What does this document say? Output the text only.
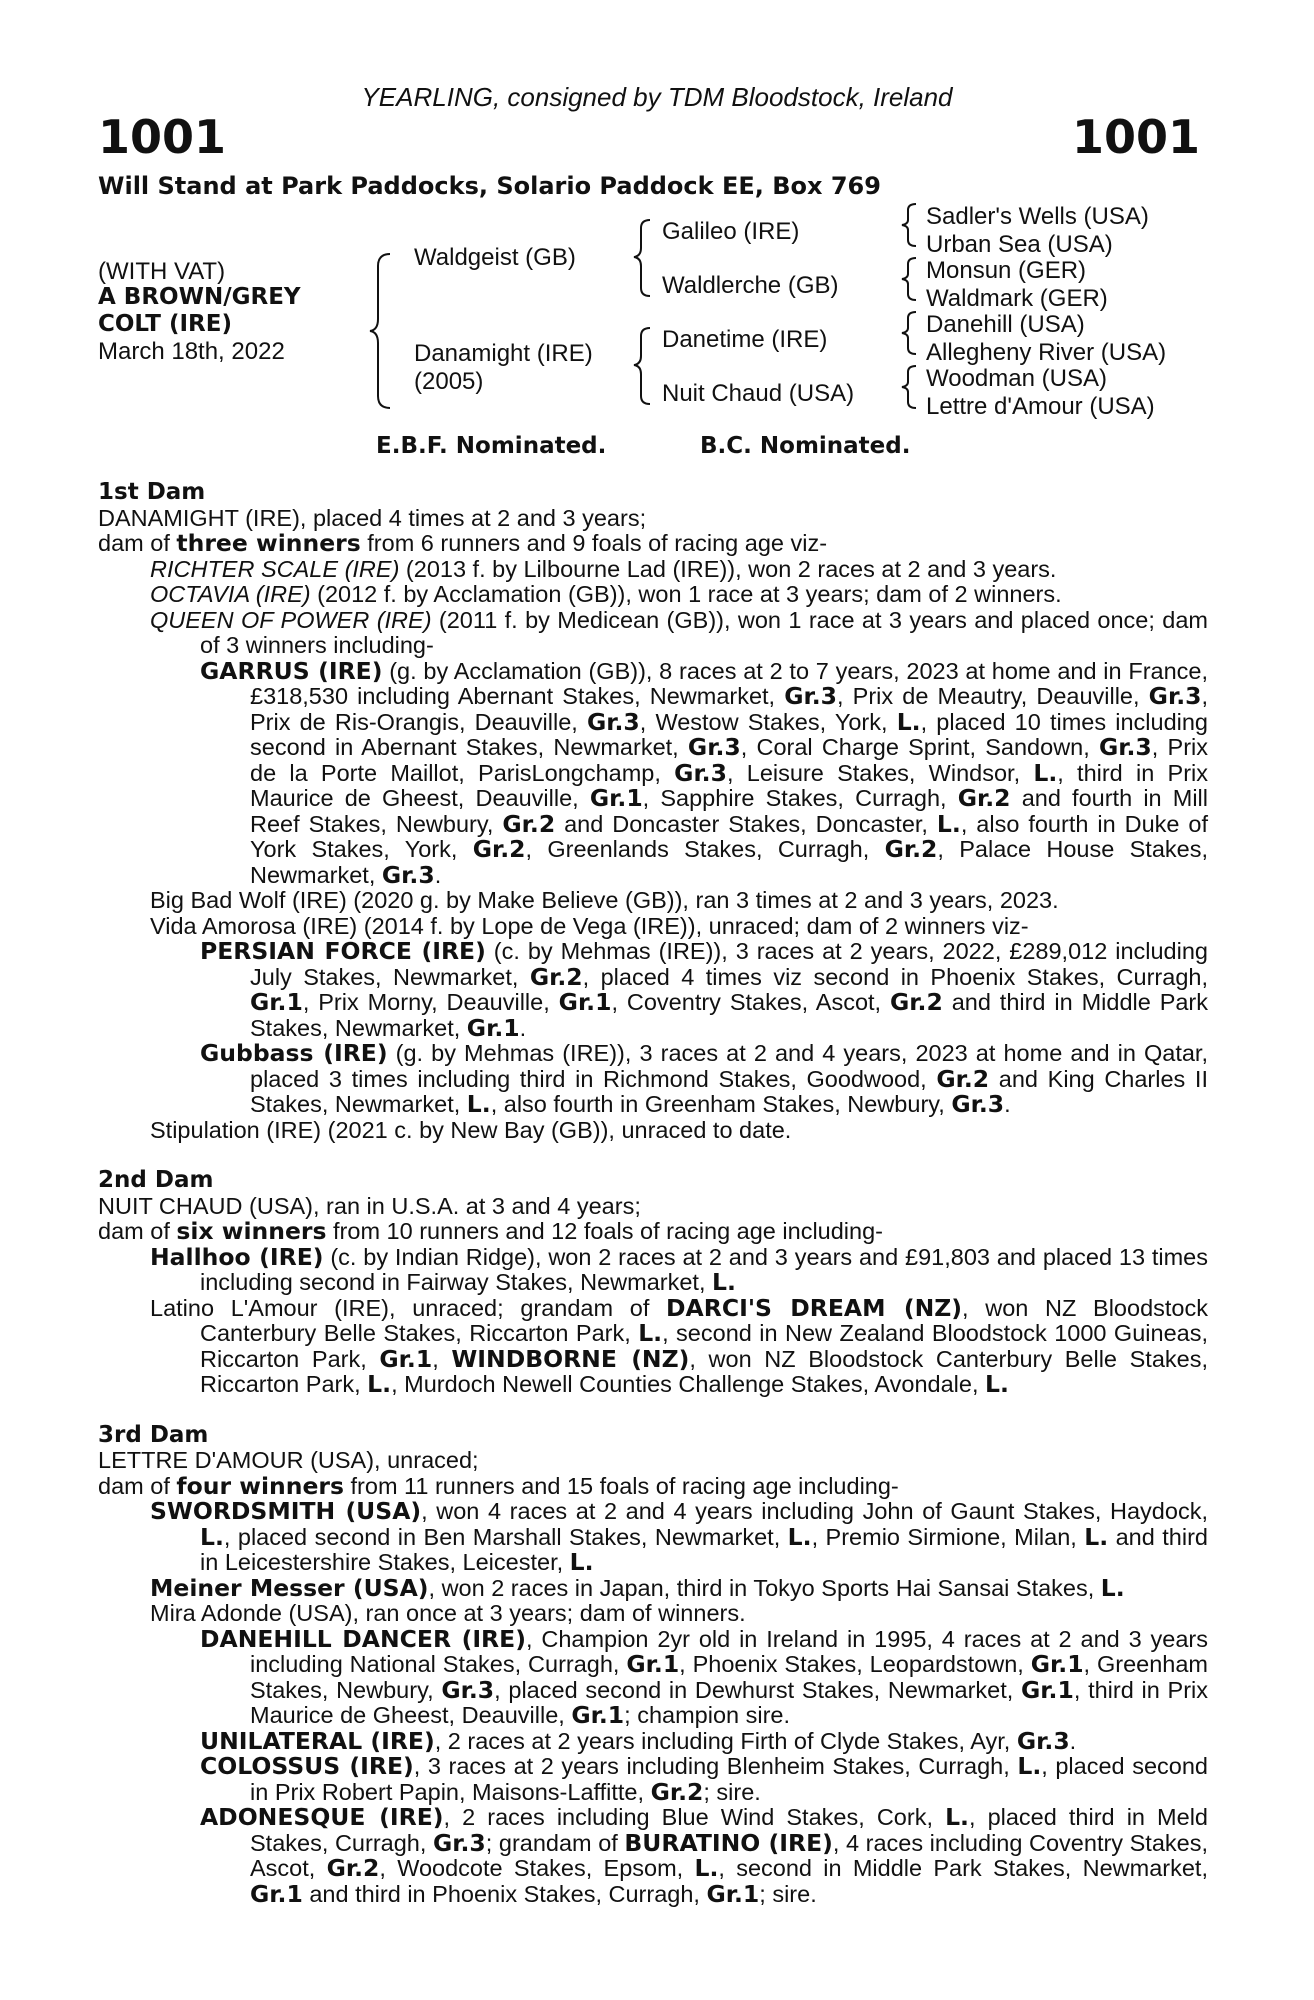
YEARLING, consigned by TDM Bloodstock, Ireland
1001	1001
Will Stand at Park Paddocks, Solario Paddock EE, Box 769
(WITH VAT)
A BROWN/GREY
COLT (IRE)
March 18th, 2022
Waldgeist (GB)
Danamight (IRE)
(2005)
Galileo (IRE)
Waldlerche (GB)
Danetime (IRE)
Nuit Chaud (USA)
Sadler's Wells (USA)
Urban Sea (USA)
Monsun (GER)
Waldmark (GER)
Danehill (USA)
Allegheny River (USA)
Woodman (USA)
Lettre d'Amour (USA)
E.B.F. Nominated.	B.C. Nominated.
1st Dam
DANAMIGHT (IRE), placed 4 times at 2 and 3 years;
dam of three winners from 6 runners and 9 foals of racing age viz-
RICHTER SCALE (IRE) (2013 f. by Lilbourne Lad (IRE)), won 2 races at 2 and 3 years.
OCTAVIA (IRE) (2012 f. by Acclamation (GB)), won 1 race at 3 years; dam of 2 winners.
QUEEN OF POWER (IRE) (2011 f. by Medicean (GB)), won 1 race at 3 years and placed once; dam of 3 winners including-
GARRUS (IRE) (g. by Acclamation (GB)), 8 races at 2 to 7 years, 2023 at home and in France, £318,530 including Abernant Stakes, Newmarket, Gr.3, Prix de Meautry, Deauville, Gr.3, Prix de Ris-Orangis, Deauville, Gr.3, Westow Stakes, York, L., placed 10 times including second in Abernant Stakes, Newmarket, Gr.3, Coral Charge Sprint, Sandown, Gr.3, Prix de la Porte Maillot, ParisLongchamp, Gr.3, Leisure Stakes, Windsor, L., third in Prix Maurice de Gheest, Deauville, Gr.1, Sapphire Stakes, Curragh, Gr.2 and fourth in Mill Reef Stakes, Newbury, Gr.2 and Doncaster Stakes, Doncaster, L., also fourth in Duke of York Stakes, York, Gr.2, Greenlands Stakes, Curragh, Gr.2, Palace House Stakes, Newmarket, Gr.3.
Big Bad Wolf (IRE) (2020 g. by Make Believe (GB)), ran 3 times at 2 and 3 years, 2023.
Vida Amorosa (IRE) (2014 f. by Lope de Vega (IRE)), unraced; dam of 2 winners viz-
PERSIAN FORCE (IRE) (c. by Mehmas (IRE)), 3 races at 2 years, 2022, £289,012 including July Stakes, Newmarket, Gr.2, placed 4 times viz second in Phoenix Stakes, Curragh, Gr.1, Prix Morny, Deauville, Gr.1, Coventry Stakes, Ascot, Gr.2 and third in Middle Park Stakes, Newmarket, Gr.1.
Gubbass (IRE) (g. by Mehmas (IRE)), 3 races at 2 and 4 years, 2023 at home and in Qatar, placed 3 times including third in Richmond Stakes, Goodwood, Gr.2 and King Charles II Stakes, Newmarket, L., also fourth in Greenham Stakes, Newbury, Gr.3.
Stipulation (IRE) (2021 c. by New Bay (GB)), unraced to date.
2nd Dam
NUIT CHAUD (USA), ran in U.S.A. at 3 and 4 years;
dam of six winners from 10 runners and 12 foals of racing age including-
Hallhoo (IRE) (c. by Indian Ridge), won 2 races at 2 and 3 years and £91,803 and placed 13 times including second in Fairway Stakes, Newmarket, L.
Latino L'Amour (IRE), unraced; grandam of DARCI'S DREAM (NZ), won NZ Bloodstock Canterbury Belle Stakes, Riccarton Park, L., second in New Zealand Bloodstock 1000 Guineas, Riccarton Park, Gr.1, WINDBORNE (NZ), won NZ Bloodstock Canterbury Belle Stakes, Riccarton Park, L., Murdoch Newell Counties Challenge Stakes, Avondale, L.
3rd Dam
LETTRE D'AMOUR (USA), unraced;
dam of four winners from 11 runners and 15 foals of racing age including-
SWORDSMITH (USA), won 4 races at 2 and 4 years including John of Gaunt Stakes, Haydock, L., placed second in Ben Marshall Stakes, Newmarket, L., Premio Sirmione, Milan, L. and third in Leicestershire Stakes, Leicester, L.
Meiner Messer (USA), won 2 races in Japan, third in Tokyo Sports Hai Sansai Stakes, L.
Mira Adonde (USA), ran once at 3 years; dam of winners.
DANEHILL DANCER (IRE), Champion 2yr old in Ireland in 1995, 4 races at 2 and 3 years including National Stakes, Curragh, Gr.1, Phoenix Stakes, Leopardstown, Gr.1, Greenham Stakes, Newbury, Gr.3, placed second in Dewhurst Stakes, Newmarket, Gr.1, third in Prix Maurice de Gheest, Deauville, Gr.1; champion sire.
UNILATERAL (IRE), 2 races at 2 years including Firth of Clyde Stakes, Ayr, Gr.3.
COLOSSUS (IRE), 3 races at 2 years including Blenheim Stakes, Curragh, L., placed second in Prix Robert Papin, Maisons-Laffitte, Gr.2; sire.
ADONESQUE (IRE), 2 races including Blue Wind Stakes, Cork, L., placed third in Meld Stakes, Curragh, Gr.3; grandam of BURATINO (IRE), 4 races including Coventry Stakes, Ascot, Gr.2, Woodcote Stakes, Epsom, L., second in Middle Park Stakes, Newmarket, Gr.1 and third in Phoenix Stakes, Curragh, Gr.1; sire.
